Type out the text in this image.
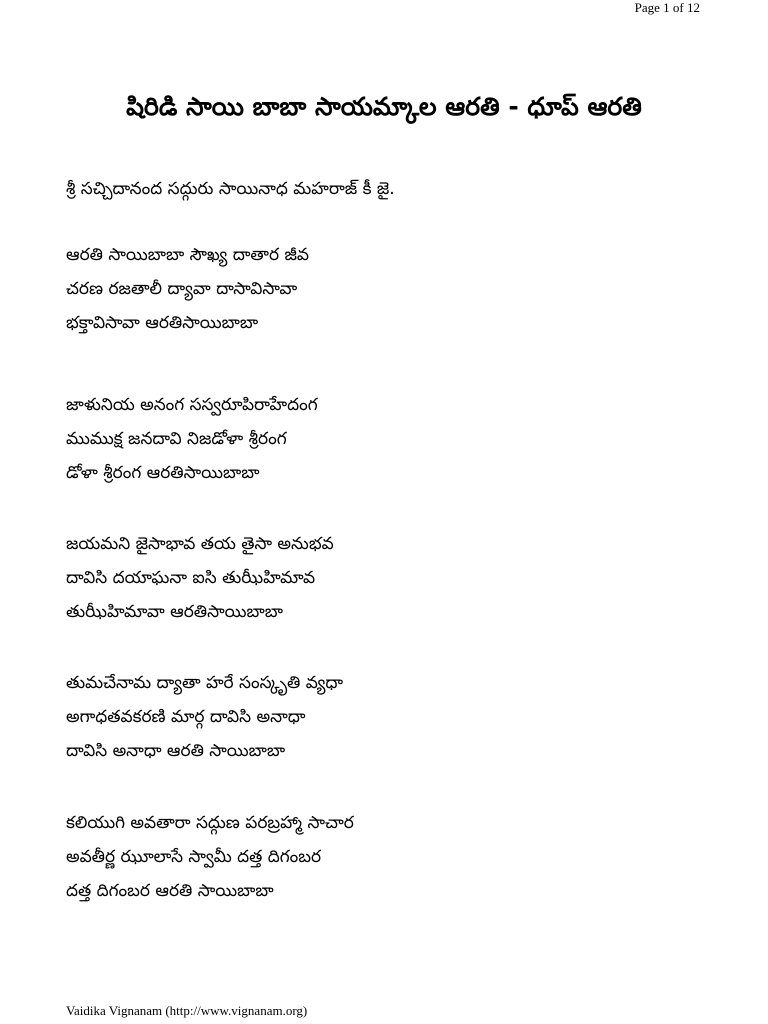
Page 1 of 12
షిరిడి సాయి బాబా సాయమ్కాల ఆరతి - ధూప్ ఆరతి
శ్రీ సచ్చిదానంద సద్గురు సాయినాధ మహరాజ్ కీ జై.
ఆరతి సాయిబాబా సౌఖ్య దాతార జీవ
చరణ రజతాలీ ద్యావా దాసావిసావా
భక్తావిసావా ఆరతిసాయిబాబా
జాళునియ అనంగ సస్వరూపిరాహేదంగ
ముముక్ష జనదావి నిజడోళా శ్రీరంగ
డోళా శ్రీరంగ ఆరతిసాయిబాబా
జయమని జైసాభావ తయ తైసా అనుభవ
దావిసి దయాఘనా ఐసి తుఝీహిమావ
తుఝీహిమావా ఆరతిసాయిబాబా
తుమచేనామ ద్యాతా హరే సంస్కృతి వ్యధా
అగాధతవకరణి మార్గ దావిసి అనాధా
దావిసి అనాధా ఆరతి సాయిబాబా
కలియుగి అవతారా సద్గుణ పరబ్రహ్మా సాచార
అవతీర్ణ ఝూలాసే స్వామీ దత్త దిగంబర
దత్త దిగంబర ఆరతి సాయిబాబా
Vaidika Vignanam (http://www.vignanam.org)
